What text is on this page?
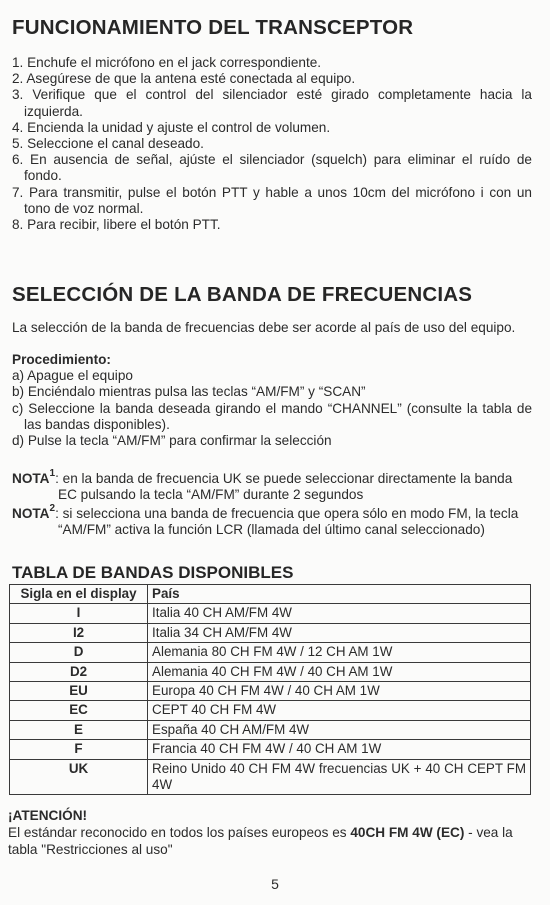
FUNCIONAMIENTO DEL TRANSCEPTOR
1. Enchufe el micrófono en el jack correspondiente.
2. Asegúrese de que la antena esté conectada al equipo.
3. Verifique que el control del silenciador esté girado completamente hacia la izquierda.
4. Encienda la unidad y ajuste el control de volumen.
5. Seleccione el canal deseado.
6. En ausencia de señal, ajúste el silenciador (squelch) para eliminar el ruído de fondo.
7. Para transmitir, pulse el botón PTT y hable a unos 10cm del micrófono i con un tono de voz normal.
8. Para recibir, libere el botón PTT.
SELECCIÓN DE LA BANDA DE FRECUENCIAS

La selección de la banda de frecuencias debe ser acorde al país de uso del equipo.

Procedimiento:
a) Apague el equipo
b) Enciéndalo mientras pulsa las teclas “AM/FM” y “SCAN”
c) Seleccione la banda deseada girando el mando “CHANNEL” (consulte la tabla de las bandas disponibles).
d) Pulse la tecla “AM/FM” para confirmar la selección

NOTA$^1$: en la banda de frecuencia UK se puede seleccionar directamente la banda
EC pulsando la tecla “AM/FM” durante 2 segundos

NOTA$^2$: si selecciona una banda de frecuencia que opera sólo en modo FM, la tecla
“AM/FM” activa la función LCR (llamada del último canal seleccionado)

TABLA DE BANDAS DISPONIBLES
Sigla en el display	País
I	Italia 40 CH AM/FM 4W
I2	Italia 34 CH AM/FM 4W
D	Alemania 80 CH FM 4W / 12 CH AM 1W
D2	Alemania 40 CH FM 4W / 40 CH AM 1W
EU	Europa 40 CH FM 4W / 40 CH AM 1W
EC	CEPT 40 CH FM 4W
E	España 40 CH AM/FM 4W
F	Francia 40 CH FM 4W / 40 CH AM 1W
UK	Reino Unido 40 CH FM 4W frecuencias UK + 40 CH CEPT FM 4W

¡ATENCIÓN!
El estándar reconocido en todos los países europeos es 40CH FM 4W (EC) - vea la tabla "Restricciones al uso"

5
